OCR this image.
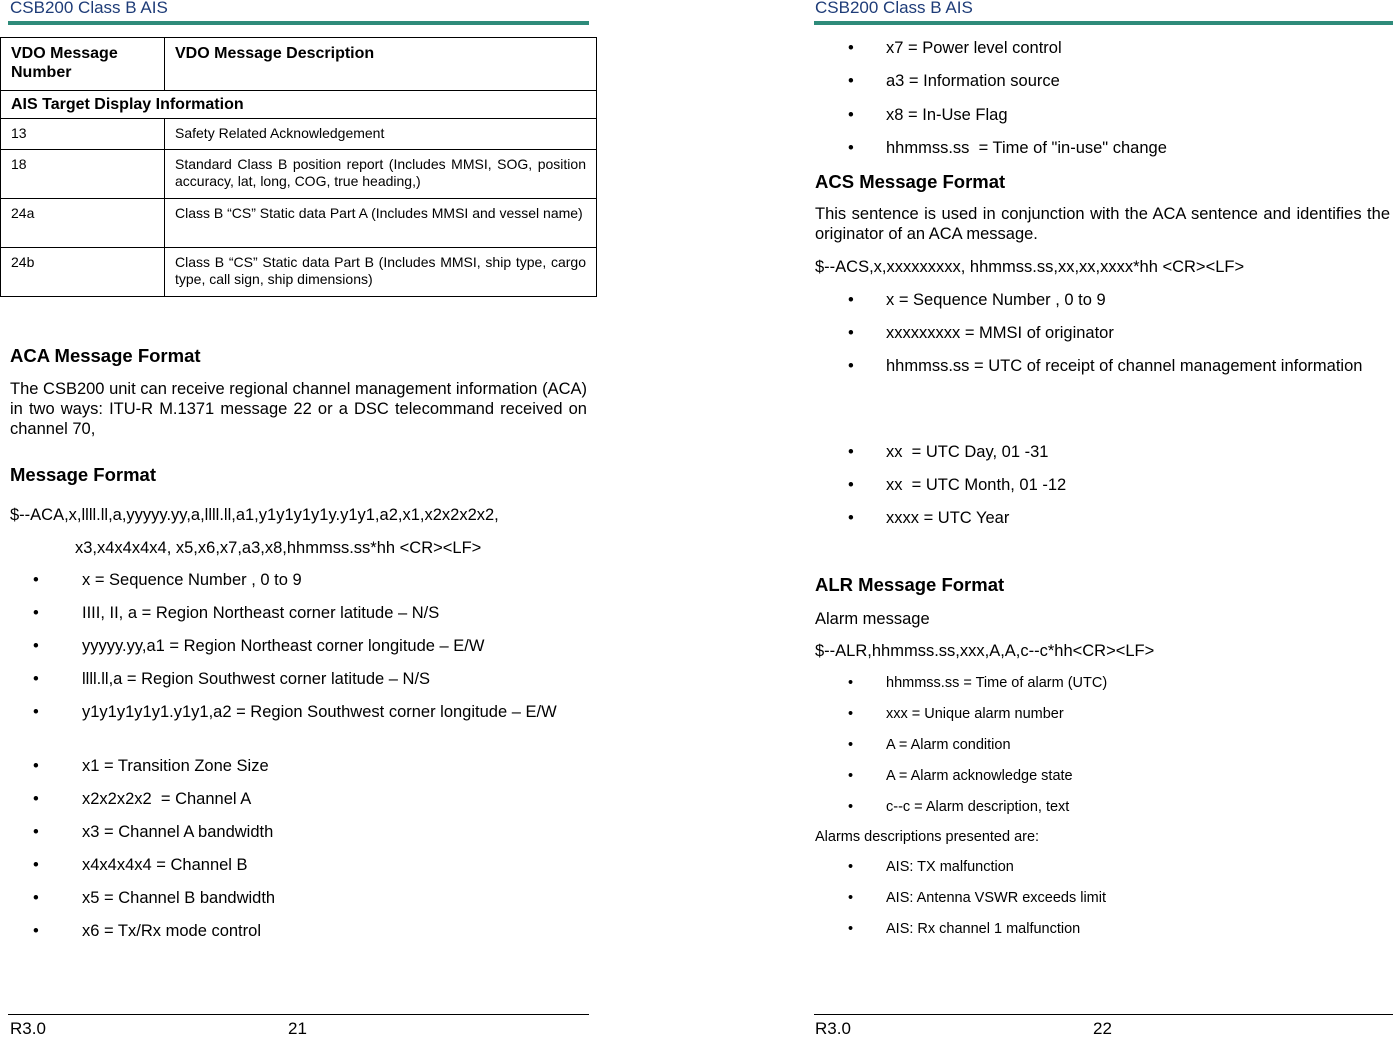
CSB200 Class B AIS
VDO Message Number	VDO Message Description
AIS Target Display Information	
13	Safety Related Acknowledgement
18	Standard Class B position report (Includes MMSI, SOG, position accuracy, lat, long, COG, true heading,)
24a	Class B “CS” Static data Part A (Includes MMSI and vessel name)
24b	Class B “CS” Static data Part B (Includes MMSI, ship type, cargo type, call sign, ship dimensions)
ACA Message Format
The CSB200 unit can receive regional channel management information (ACA) in two ways: ITU-R M.1371 message 22 or a DSC telecommand received on channel 70,
Message Format
$--ACA,x,llll.ll,a,yyyyy.yy,a,llll.ll,a1,y1y1y1y1y.y1y1,a2,x1,x2x2x2x2,
x3,x4x4x4x4, x5,x6,x7,a3,x8,hhmmss.ss*hh <CR><LF>
•
x = Sequence Number , 0 to 9
•
IIII, II, a = Region Northeast corner latitude – N/S
•
yyyyy.yy,a1 = Region Northeast corner longitude – E/W
•
llll.ll,a = Region Southwest corner latitude – N/S
•
y1y1y1y1y1.y1y1,a2 = Region Southwest corner longitude – E/W
•
x1 = Transition Zone Size
•
x2x2x2x2  = Channel A
•
x3 = Channel A bandwidth
•
x4x4x4x4 = Channel B
•
x5 = Channel B bandwidth
•
x6 = Tx/Rx mode control
R3.0	21
CSB200 Class B AIS
•
x7 = Power level control
•
a3 = Information source
•
x8 = In-Use Flag
•
hhmmss.ss  = Time of "in-use" change
ACS Message Format
This sentence is used in conjunction with the ACA sentence and identifies the originator of an ACA message.
$--ACS,x,xxxxxxxxx, hhmmss.ss,xx,xx,xxxx*hh <CR><LF>
•
x = Sequence Number , 0 to 9
•
xxxxxxxxx = MMSI of originator
•
hhmmss.ss = UTC of receipt of channel management information
•
xx  = UTC Day, 01 -31
•
xx  = UTC Month, 01 -12
•
xxxx = UTC Year
ALR Message Format
Alarm message
$--ALR,hhmmss.ss,xxx,A,A,c--c*hh<CR><LF>
•
hhmmss.ss = Time of alarm (UTC)
•
xxx = Unique alarm number
•
A = Alarm condition
•
A = Alarm acknowledge state
•
c--c = Alarm description, text
Alarms descriptions presented are:
•
AIS: TX malfunction
•
AIS: Antenna VSWR exceeds limit
•
AIS: Rx channel 1 malfunction
R3.0	22
